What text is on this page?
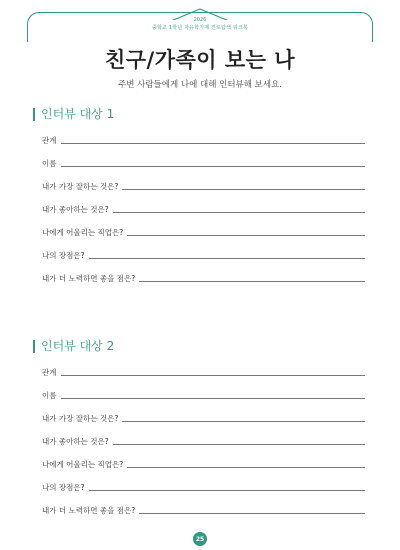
2026
중학교 1학년 자유학기제 진로탐색 워크북
친구/가족이 보는 나
주변 사람들에게 나에 대해 인터뷰해 보세요.
인터뷰 대상 1
관계
이름
내가 가장 잘하는 것은?
내가 좋아하는 것은?
나에게 어울리는 직업은?
나의 장점은?
내가 더 노력하면 좋을 점은?
인터뷰 대상 2
관계
이름
내가 가장 잘하는 것은?
내가 좋아하는 것은?
나에게 어울리는 직업은?
나의 장점은?
내가 더 노력하면 좋을 점은?
25
